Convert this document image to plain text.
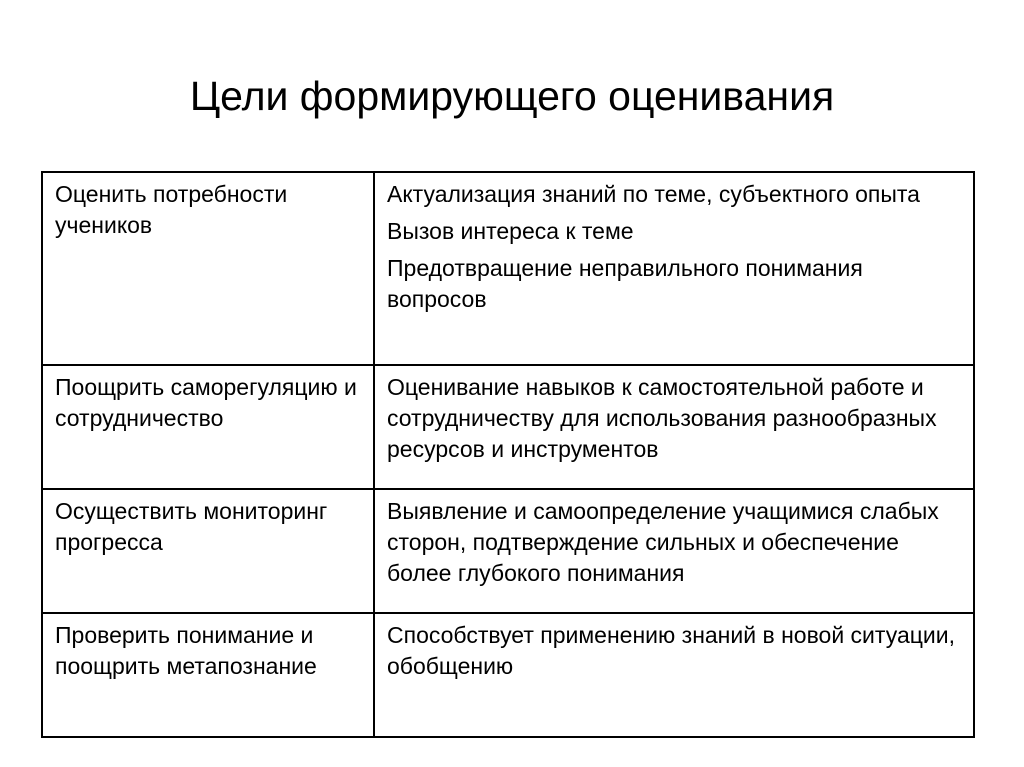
Цели формирующего оценивания
Оценить потребности учеников	Актуализация знаний по теме, субъектного опыта
Вызов интереса к теме
Предотвращение неправильного понимания вопросов

Поощрить саморегуляцию и сотрудничество	Оценивание навыков к самостоятельной работе и сотрудничеству для использования разнообразных ресурсов и инструментов

Осуществить мониторинг прогресса	Выявление и самоопределение учащимися слабых сторон, подтверждение сильных и обеспечение более глубокого понимания

Проверить понимание и поощрить метапознание	Способствует применению знаний в новой ситуации, обобщению
